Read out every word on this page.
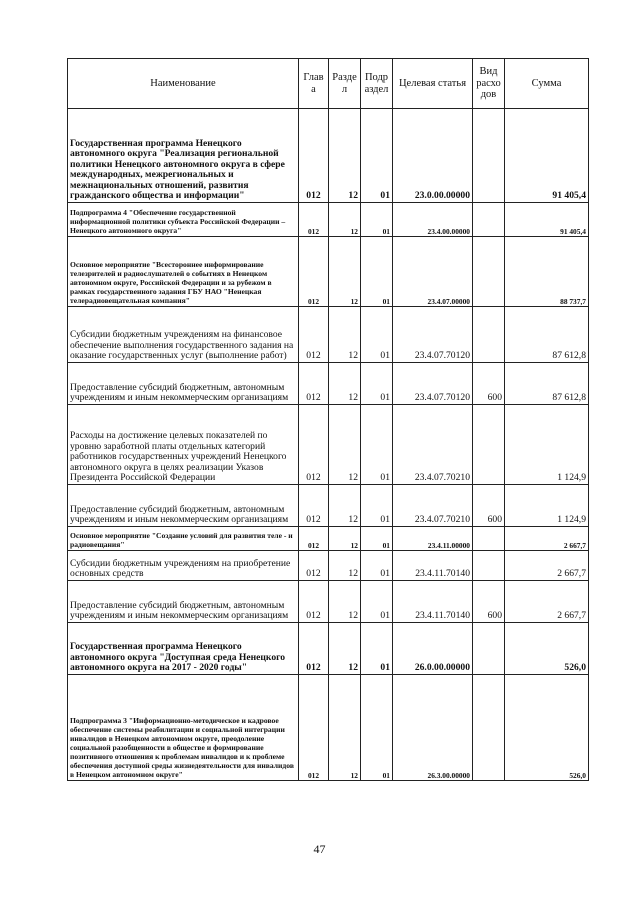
Наименование	Глав а	Разде л	Подр аздел	Целевая статья	Вид расхо дов	Сумма
Государственная программа Ненецкого автономного округа "Реализация региональной политики Ненецкого автономного округа в сфере международных, межрегиональных и межнациональных отношений, развития гражданского общества и информации"	012	12	01	23.0.00.00000		91 405,4
Подпрограмма 4 "Обеспечение государственной информационной политики субъекта Российской Федерации – Ненецкого автономного округа"	012	12	01	23.4.00.00000		91 405,4
Основное мероприятие "Всестороннее информирование телезрителей и радиослушателей о событиях в Ненецком автономном округе, Российской Федерации и за рубежом в рамках государственного задания ГБУ НАО "Ненецкая телерадиовещательная компания"	012	12	01	23.4.07.00000		88 737,7
Субсидии бюджетным учреждениям на финансовое обеспечение выполнения государственного задания на оказание государственных услуг (выполнение работ)	012	12	01	23.4.07.70120		87 612,8
Предоставление субсидий бюджетным, автономным учреждениям и иным некоммерческим организациям	012	12	01	23.4.07.70120	600	87 612,8
Расходы на достижение целевых показателей по уровню заработной платы отдельных категорий работников государственных учреждений Ненецкого автономного округа в целях реализации Указов Президента Российской Федерации	012	12	01	23.4.07.70210		1 124,9
Предоставление субсидий бюджетным, автономным учреждениям и иным некоммерческим организациям	012	12	01	23.4.07.70210	600	1 124,9
Основное мероприятие "Создание условий для развития теле - и радиовещания"	012	12	01	23.4.11.00000		2 667,7
Субсидии бюджетным учреждениям на приобретение основных средств	012	12	01	23.4.11.70140		2 667,7
Предоставление субсидий бюджетным, автономным учреждениям и иным некоммерческим организациям	012	12	01	23.4.11.70140	600	2 667,7
Государственная программа Ненецкого автономного округа "Доступная среда Ненецкого автономного округа на 2017 - 2020 годы"	012	12	01	26.0.00.00000		526,0
Подпрограмма 3 "Информационно-методическое и кадровое обеспечение системы реабилитации и социальной интеграции инвалидов в Ненецком автономном округе, преодоление социальной разобщенности в обществе и формирование позитивного отношения к проблемам инвалидов и к проблеме обеспечения доступной среды жизнедеятельности для инвалидов в Ненецком автономном округе"	012	12	01	26.3.00.00000		526,0
47
